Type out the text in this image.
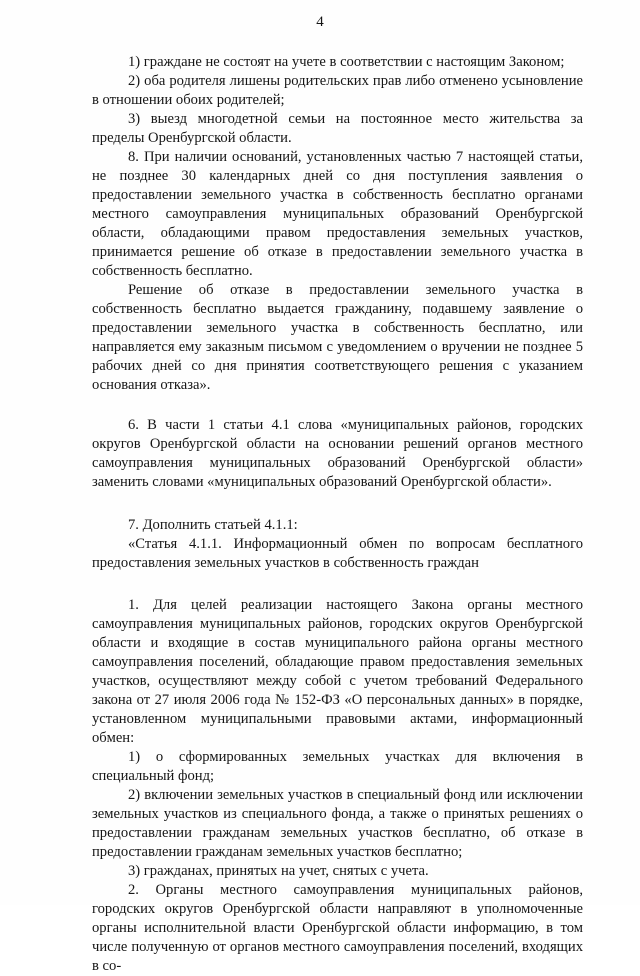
4

1) граждане не состоят на учете в соответствии с настоящим Законом;

2) оба родителя лишены родительских прав либо отменено усыновление в отношении обоих родителей;

3) выезд многодетной семьи на постоянное место жительства за пределы Оренбургской области.

8. При наличии оснований, установленных частью 7 настоящей статьи, не позднее 30 календарных дней со дня поступления заявления о предоставлении земельного участка в собственность бесплатно органами местного самоуправления муниципальных образований Оренбургской области, обладающими правом предоставления земельных участков, принимается решение об отказе в предоставлении земельного участка в собственность бесплатно.

Решение об отказе в предоставлении земельного участка в собственность бесплатно выдается гражданину, подавшему заявление о предоставлении земельного участка в собственность бесплатно, или направляется ему заказным письмом с уведомлением о вручении не позднее 5 рабочих дней со дня принятия соответствующего решения с указанием основания отказа».

6. В части 1 статьи 4.1 слова «муниципальных районов, городских округов Оренбургской области на основании решений органов местного самоуправления муниципальных образований Оренбургской области» заменить словами «муниципальных образований Оренбургской области».

7. Дополнить статьей 4.1.1:

«Статья 4.1.1. Информационный обмен по вопросам бесплатного предоставления земельных участков в собственность граждан

1. Для целей реализации настоящего Закона органы местного самоуправления муниципальных районов, городских округов Оренбургской области и входящие в состав муниципального района органы местного самоуправления поселений, обладающие правом предоставления земельных участков, осуществляют между собой с учетом требований Федерального закона от 27 июля 2006 года № 152-ФЗ «О персональных данных» в порядке, установленном муниципальными правовыми актами, информационный обмен:

1) о сформированных земельных участках для включения в специальный фонд;

2) включении земельных участков в специальный фонд или исключении земельных участков из специального фонда, а также о принятых решениях о предоставлении гражданам земельных участков бесплатно, об отказе в предоставлении гражданам земельных участков бесплатно;

3) гражданах, принятых на учет, снятых с учета.

2. Органы местного самоуправления муниципальных районов, городских округов Оренбургской области направляют в уполномоченные органы исполнительной власти Оренбургской области информацию, в том числе полученную от органов местного самоуправления поселений, входящих в со-
